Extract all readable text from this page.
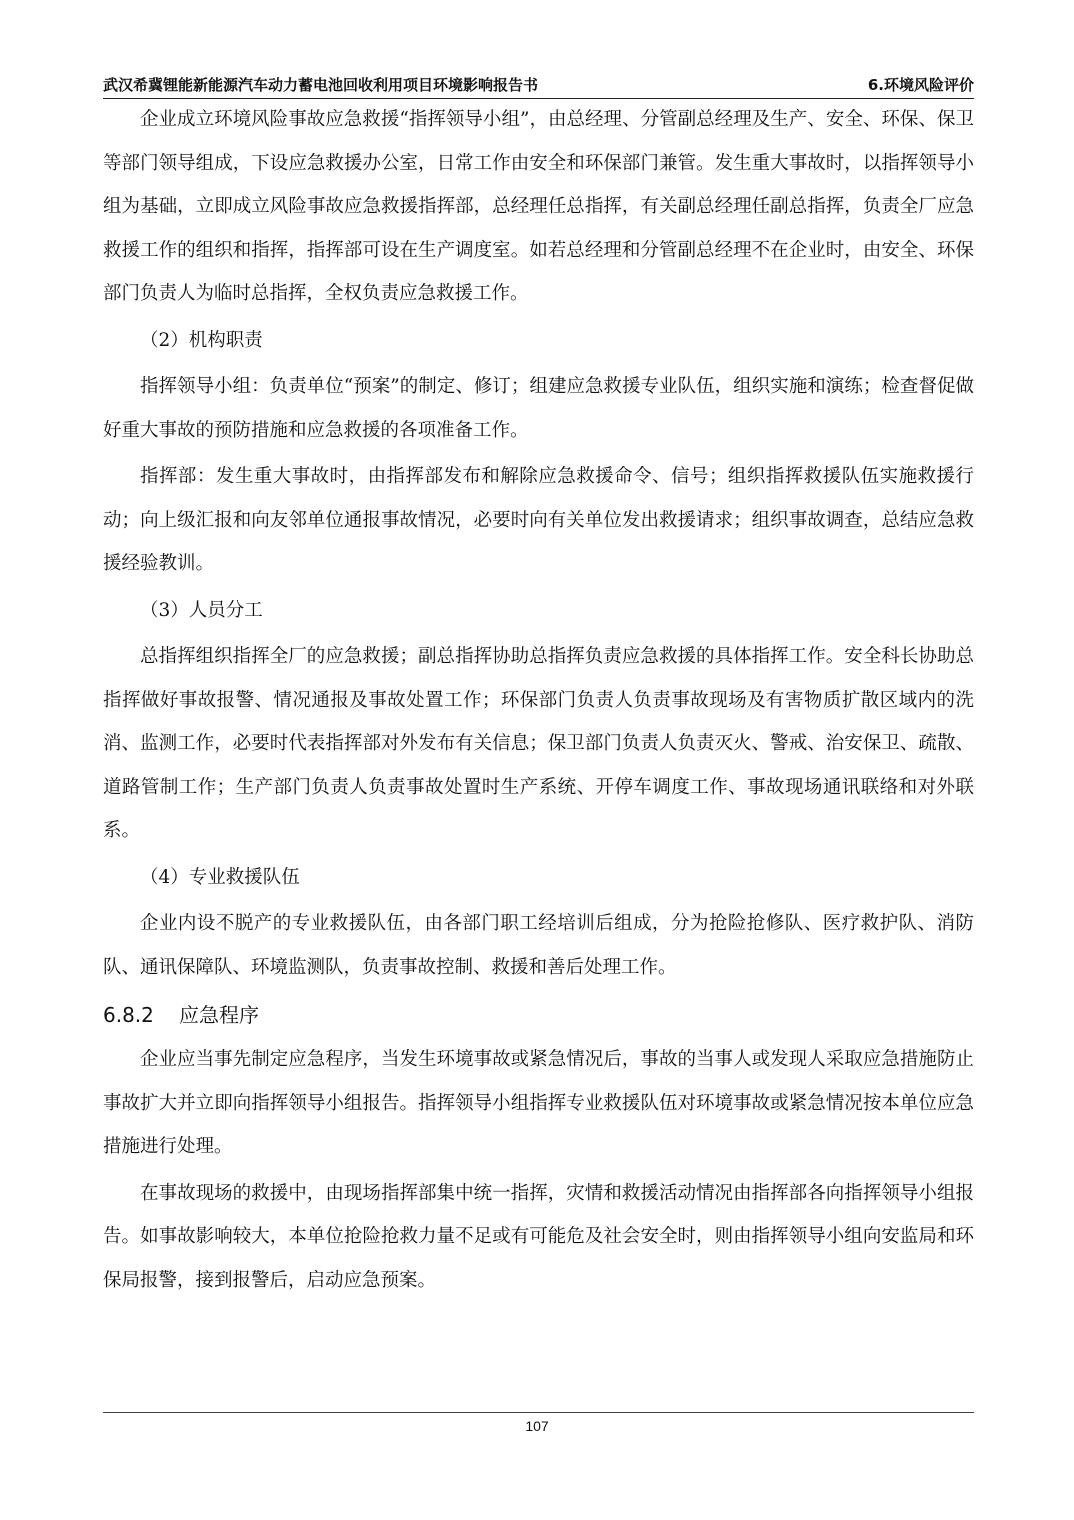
武汉希冀锂能新能源汽车动力蓄电池回收利用项目环境影响报告书	6.环境风险评价

企业成立环境风险事故应急救援“指挥领导小组”，由总经理、分管副总经理及生产、安全、环保、保卫等部门领导组成，下设应急救援办公室，日常工作由安全和环保部门兼管。发生重大事故时，以指挥领导小组为基础，立即成立风险事故应急救援指挥部，总经理任总指挥，有关副总经理任副总指挥，负责全厂应急救援工作的组织和指挥，指挥部可设在生产调度室。如若总经理和分管副总经理不在企业时，由安全、环保部门负责人为临时总指挥，全权负责应急救援工作。

（2）机构职责

指挥领导小组：负责单位“预案”的制定、修订；组建应急救援专业队伍，组织实施和演练；检查督促做好重大事故的预防措施和应急救援的各项准备工作。

指挥部：发生重大事故时，由指挥部发布和解除应急救援命令、信号；组织指挥救援队伍实施救援行动；向上级汇报和向友邻单位通报事故情况，必要时向有关单位发出救援请求；组织事故调查，总结应急救援经验教训。

（3）人员分工

总指挥组织指挥全厂的应急救援；副总指挥协助总指挥负责应急救援的具体指挥工作。安全科长协助总指挥做好事故报警、情况通报及事故处置工作；环保部门负责人负责事故现场及有害物质扩散区域内的洗消、监测工作，必要时代表指挥部对外发布有关信息；保卫部门负责人负责灭火、警戒、治安保卫、疏散、道路管制工作；生产部门负责人负责事故处置时生产系统、开停车调度工作、事故现场通讯联络和对外联系。

（4）专业救援队伍

企业内设不脱产的专业救援队伍，由各部门职工经培训后组成，分为抢险抢修队、医疗救护队、消防队、通讯保障队、环境监测队，负责事故控制、救援和善后处理工作。

6.8.2 应急程序

企业应当事先制定应急程序，当发生环境事故或紧急情况后，事故的当事人或发现人采取应急措施防止事故扩大并立即向指挥领导小组报告。指挥领导小组指挥专业救援队伍对环境事故或紧急情况按本单位应急措施进行处理。

在事故现场的救援中，由现场指挥部集中统一指挥，灾情和救援活动情况由指挥部各向指挥领导小组报告。如事故影响较大，本单位抢险抢救力量不足或有可能危及社会安全时，则由指挥领导小组向安监局和环保局报警，接到报警后，启动应急预案。

107
